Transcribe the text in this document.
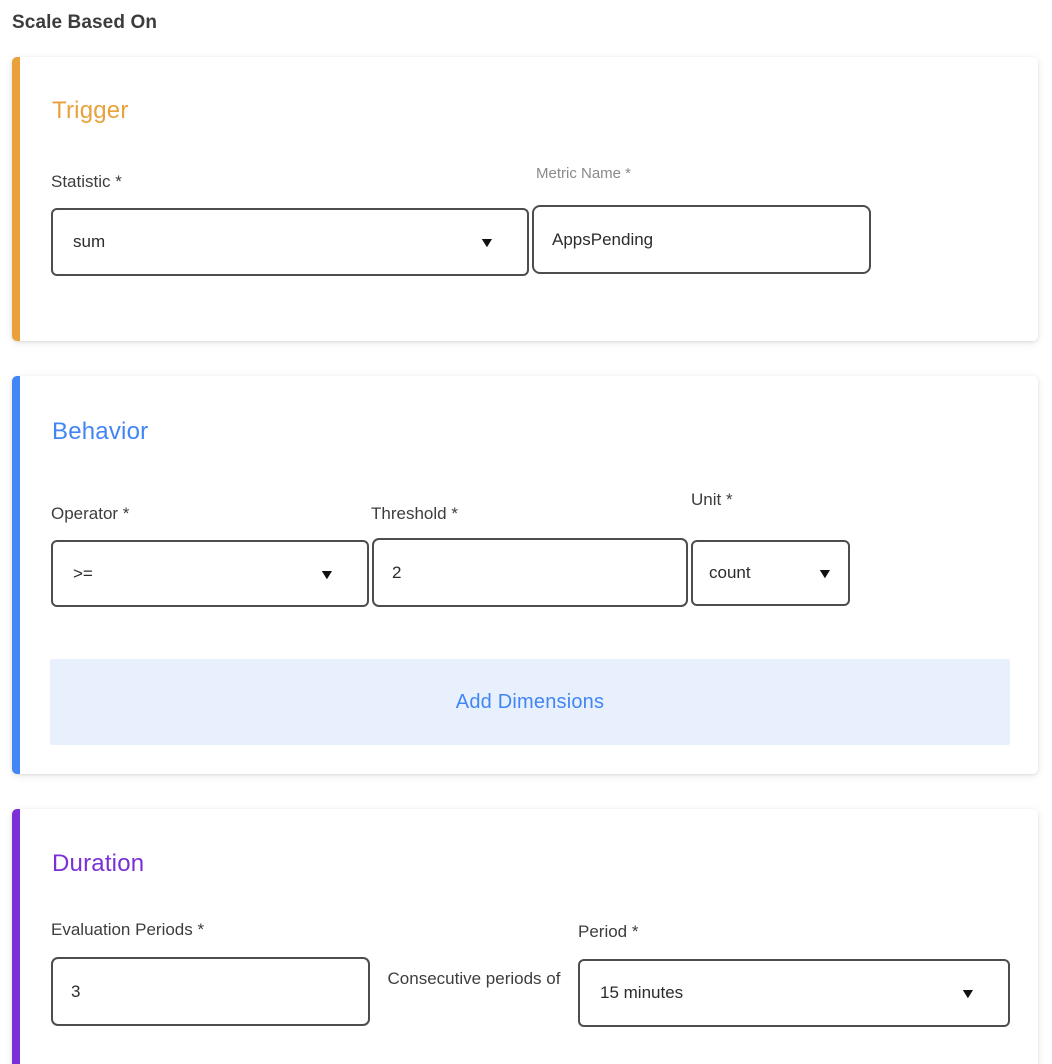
Scale Based On
Trigger
Statistic *
sum	▼
Metric Name *
AppsPending
Behavior
Operator *
>=	▼
Threshold *
2
Unit *
count	▼
Add Dimensions
Duration
Evaluation Periods *
3
Consecutive periods of
Period *
15 minutes	▼
